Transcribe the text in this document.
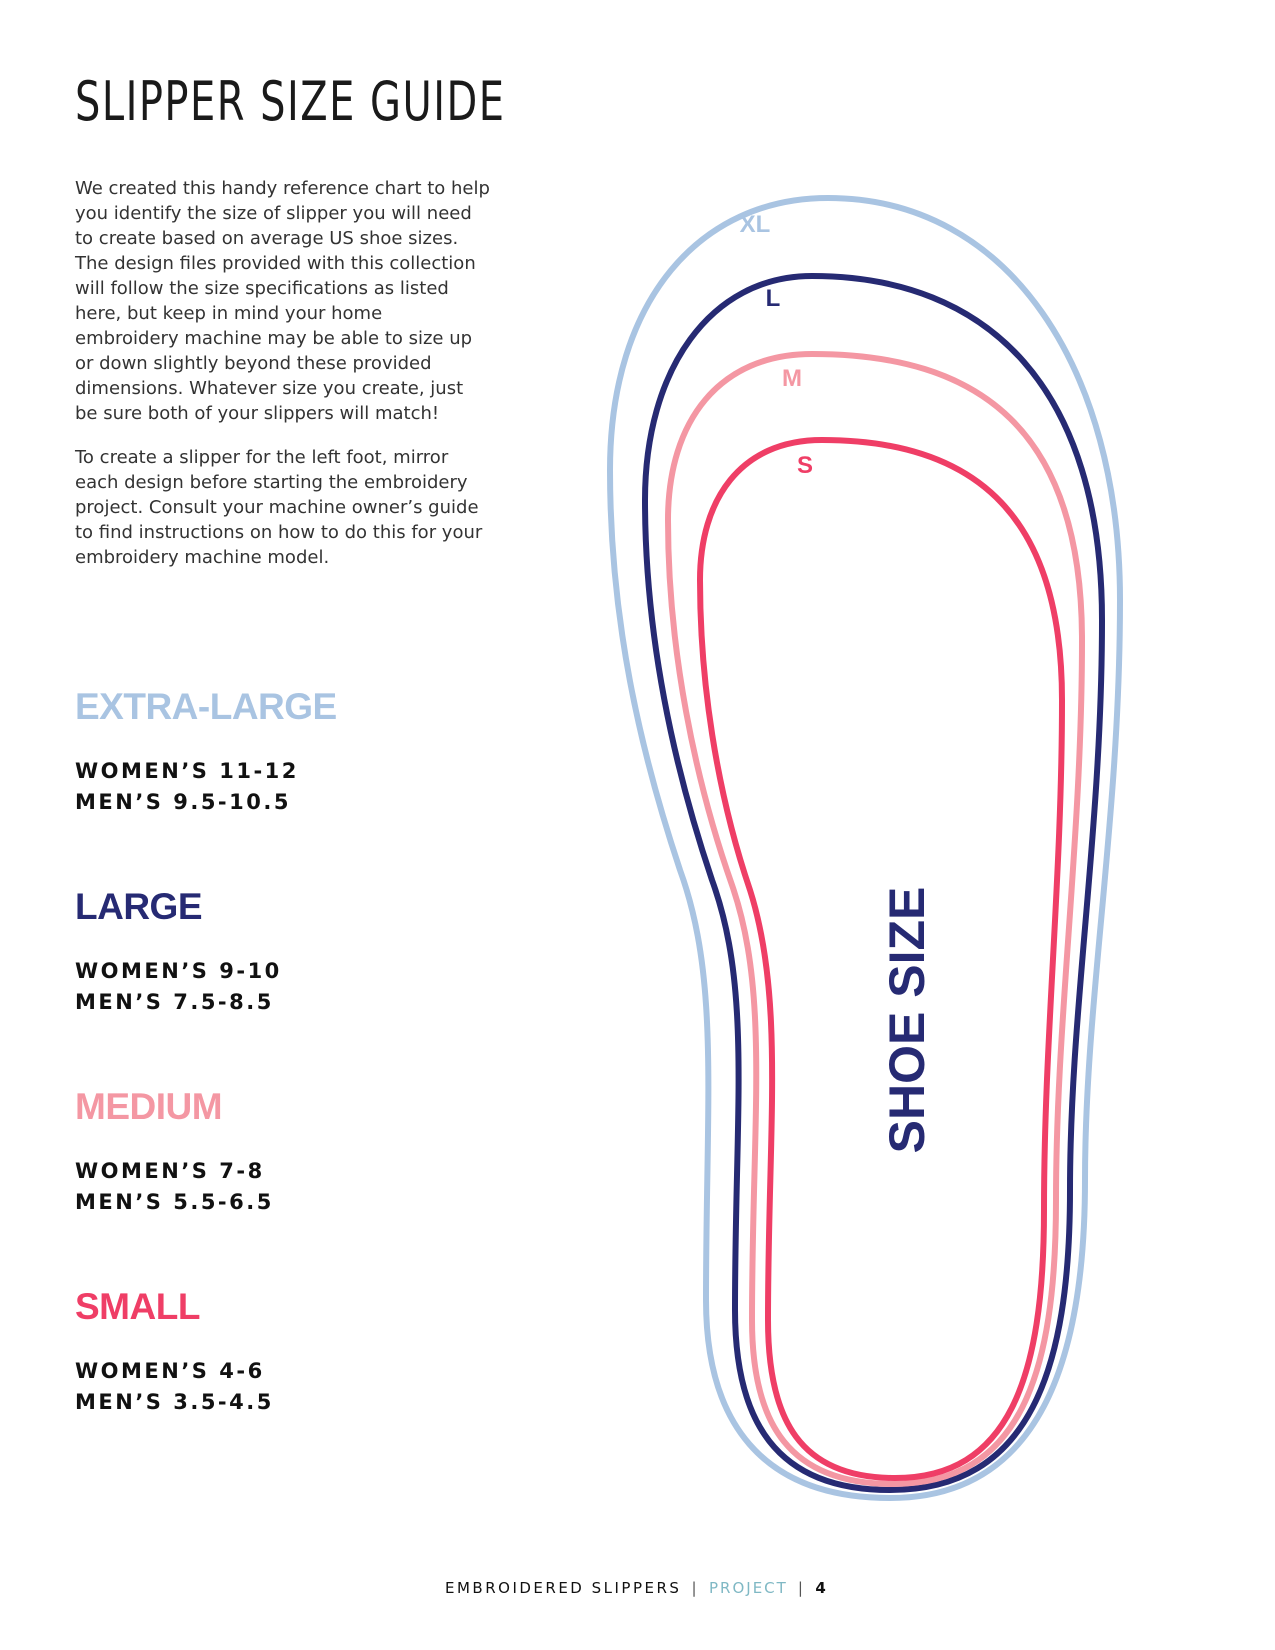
SLIPPER SIZE GUIDE

We created this handy reference chart to help you identify the size of slipper you will need to create based on average US shoe sizes. The design files provided with this collection will follow the size specifications as listed here, but keep in mind your home embroidery machine may be able to size up or down slightly beyond these provided dimensions. Whatever size you create, just be sure both of your slippers will match!

To create a slipper for the left foot, mirror each design before starting the embroidery project. Consult your machine owner’s guide to find instructions on how to do this for your embroidery machine model.

EXTRA-LARGE

WOMEN’S 11-12

MEN’S 9.5-10.5

LARGE

WOMEN’S 9-10

MEN’S 7.5-8.5

MEDIUM

WOMEN’S 7-8

MEN’S 5.5-6.5

SMALL

WOMEN’S 4-6

MEN’S 3.5-4.5

XL
L
M
S
SHOE SIZE
EMBROIDERED SLIPPERS | PROJECT | 4
